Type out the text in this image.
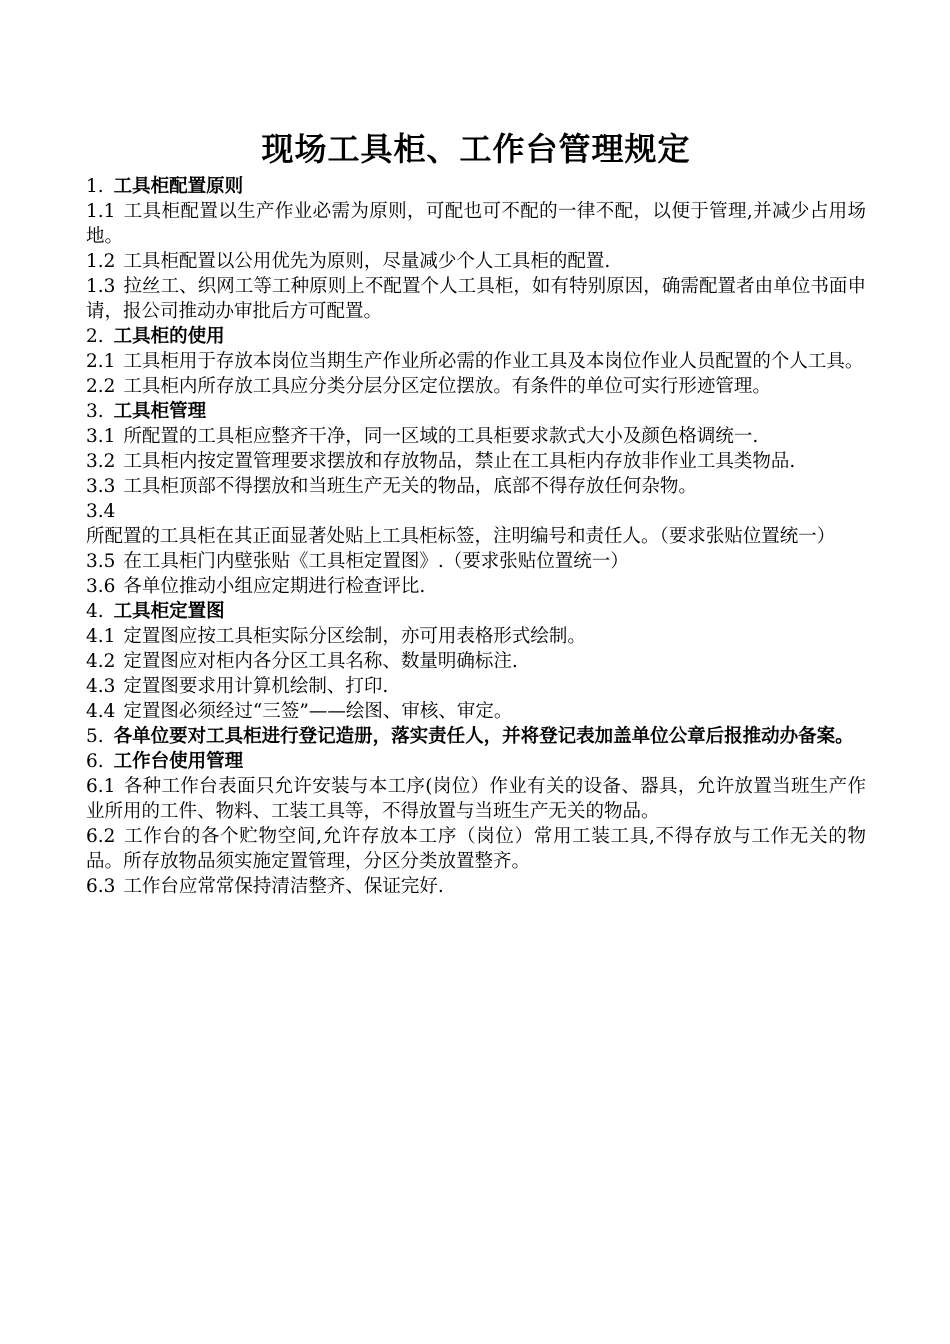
现场工具柜、工作台管理规定

1. 工具柜配置原则

1.1 工具柜配置以生产作业必需为原则，可配也可不配的一律不配，以便于管理,并减少占用场地。

1.2 工具柜配置以公用优先为原则，尽量减少个人工具柜的配置.

1.3 拉丝工、织网工等工种原则上不配置个人工具柜，如有特别原因，确需配置者由单位书面申请，报公司推动办审批后方可配置。

2. 工具柜的使用

2.1 工具柜用于存放本岗位当期生产作业所必需的作业工具及本岗位作业人员配置的个人工具。

2.2 工具柜内所存放工具应分类分层分区定位摆放。有条件的单位可实行形迹管理。

3. 工具柜管理

3.1 所配置的工具柜应整齐干净，同一区域的工具柜要求款式大小及颜色格调统一.

3.2 工具柜内按定置管理要求摆放和存放物品，禁止在工具柜内存放非作业工具类物品.

3.3 工具柜顶部不得摆放和当班生产无关的物品，底部不得存放任何杂物。

3.4所配置的工具柜在其正面显著处贴上工具柜标签，注明编号和责任人。（要求张贴位置统一）

3.5 在工具柜门内壁张贴《工具柜定置图》.（要求张贴位置统一）

3.6 各单位推动小组应定期进行检查评比.

4. 工具柜定置图

4.1 定置图应按工具柜实际分区绘制，亦可用表格形式绘制。

4.2 定置图应对柜内各分区工具名称、数量明确标注.

4.3 定置图要求用计算机绘制、打印.

4.4 定置图必须经过“三签”——绘图、审核、审定。

5. 各单位要对工具柜进行登记造册，落实责任人，并将登记表加盖单位公章后报推动办备案。

6. 工作台使用管理

6.1 各种工作台表面只允许安装与本工序(岗位）作业有关的设备、器具，允许放置当班生产作业所用的工件、物料、工装工具等，不得放置与当班生产无关的物品。

6.2 工作台的各个贮物空间,允许存放本工序（岗位）常用工装工具,不得存放与工作无关的物品。所存放物品须实施定置管理，分区分类放置整齐。

6.3 工作台应常常保持清洁整齐、保证完好.
